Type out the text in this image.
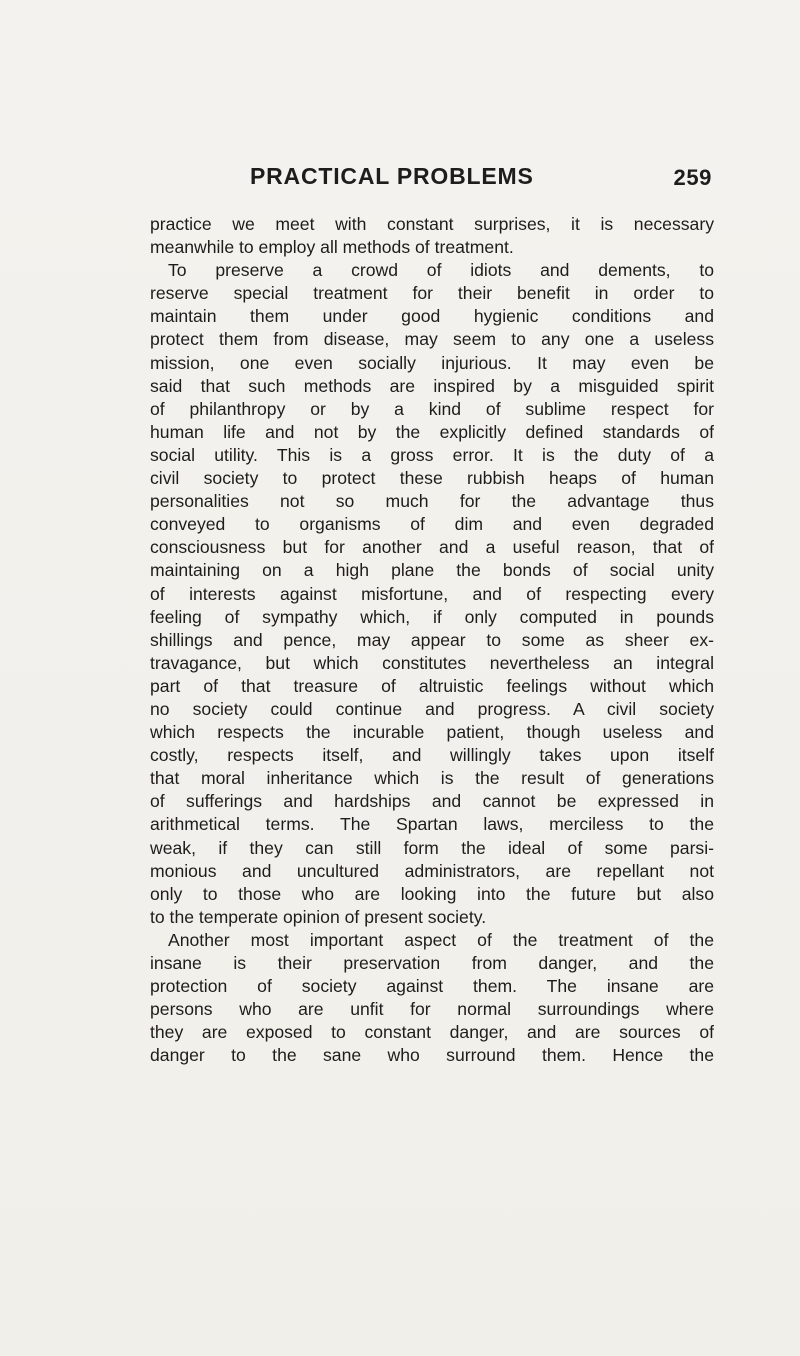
PRACTICAL PROBLEMS	259
practice we meet with constant surprises, it is necessary
meanwhile to employ all methods of treatment.
To preserve a crowd of idiots and dements, to
reserve special treatment for their benefit in order to
maintain them under good hygienic conditions and
protect them from disease, may seem to any one a useless
mission, one even socially injurious. It may even be
said that such methods are inspired by a misguided spirit
of philanthropy or by a kind of sublime respect for
human life and not by the explicitly defined standards of
social utility. This is a gross error. It is the duty of a
civil society to protect these rubbish heaps of human
personalities not so much for the advantage thus
conveyed to organisms of dim and even degraded
consciousness but for another and a useful reason, that of
maintaining on a high plane the bonds of social unity
of interests against misfortune, and of respecting every
feeling of sympathy which, if only computed in pounds
shillings and pence, may appear to some as sheer ex-
travagance, but which constitutes nevertheless an integral
part of that treasure of altruistic feelings without which
no society could continue and progress. A civil society
which respects the incurable patient, though useless and
costly, respects itself, and willingly takes upon itself
that moral inheritance which is the result of generations
of sufferings and hardships and cannot be expressed in
arithmetical terms. The Spartan laws, merciless to the
weak, if they can still form the ideal of some parsi-
monious and uncultured administrators, are repellant not
only to those who are looking into the future but also
to the temperate opinion of present society.
Another most important aspect of the treatment of the
insane is their preservation from danger, and the
protection of society against them. The insane are
persons who are unfit for normal surroundings where
they are exposed to constant danger, and are sources of
danger to the sane who surround them. Hence the
